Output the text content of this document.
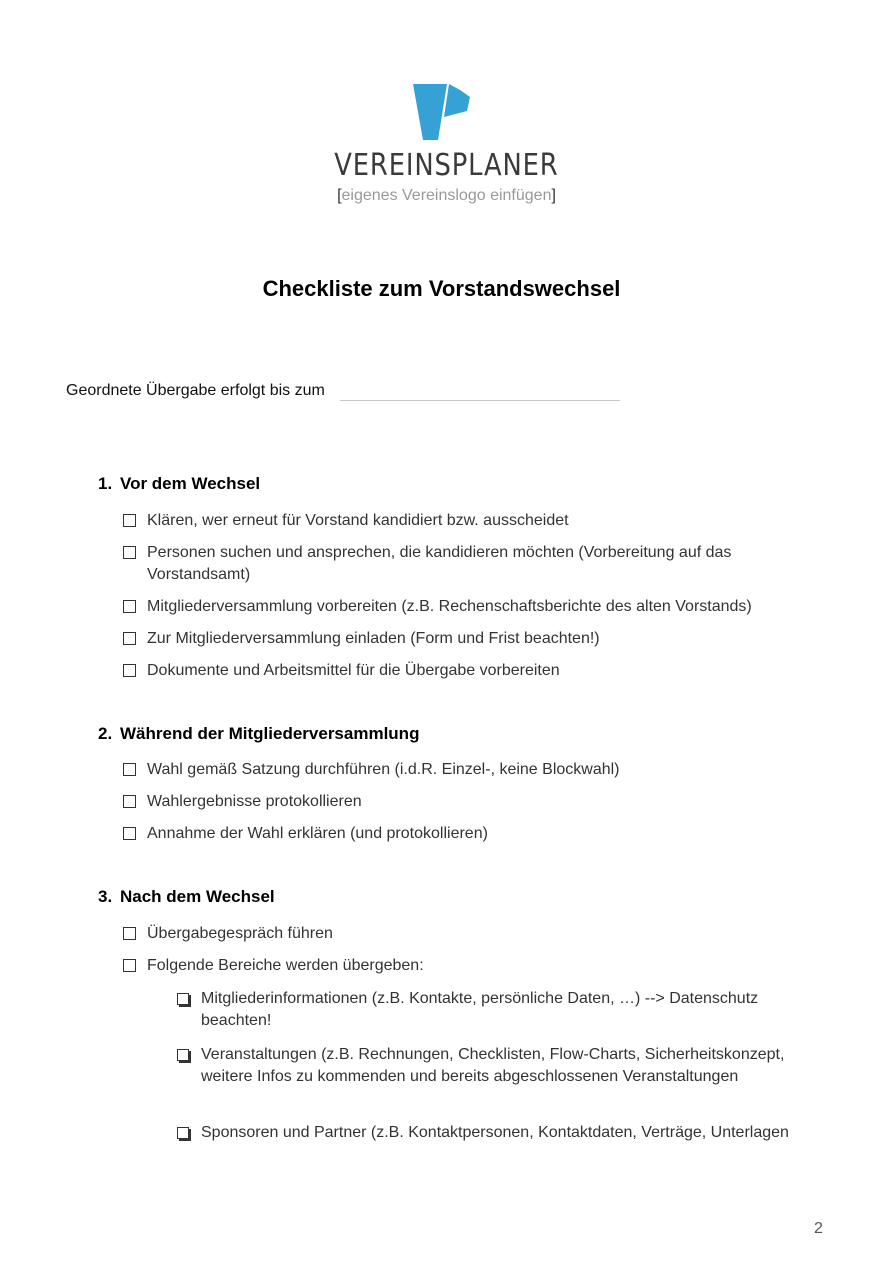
VEREINSPLANER
[eigenes Vereinslogo einfügen]
Checkliste zum Vorstandswechsel
Geordnete Übergabe erfolgt bis zum
1. Vor dem Wechsel
Klären, wer erneut für Vorstand kandidiert bzw. ausscheidet
Personen suchen und ansprechen, die kandidieren möchten (Vorbereitung auf das Vorstandsamt)
Mitgliederversammlung vorbereiten (z.B. Rechenschaftsberichte des alten Vorstands)
Zur Mitgliederversammlung einladen (Form und Frist beachten!)
Dokumente und Arbeitsmittel für die Übergabe vorbereiten
2. Während der Mitgliederversammlung
Wahl gemäß Satzung durchführen (i.d.R. Einzel-, keine Blockwahl)
Wahlergebnisse protokollieren
Annahme der Wahl erklären (und protokollieren)
3. Nach dem Wechsel
Übergabegespräch führen
Folgende Bereiche werden übergeben:
Mitgliederinformationen (z.B. Kontakte, persönliche Daten, …) --> Datenschutz beachten!
Veranstaltungen (z.B. Rechnungen, Checklisten, Flow-Charts, Sicherheitskonzept, weitere Infos zu kommenden und bereits abgeschlossenen Veranstaltungen
Sponsoren und Partner (z.B. Kontaktpersonen, Kontaktdaten, Verträge, Unterlagen
2
